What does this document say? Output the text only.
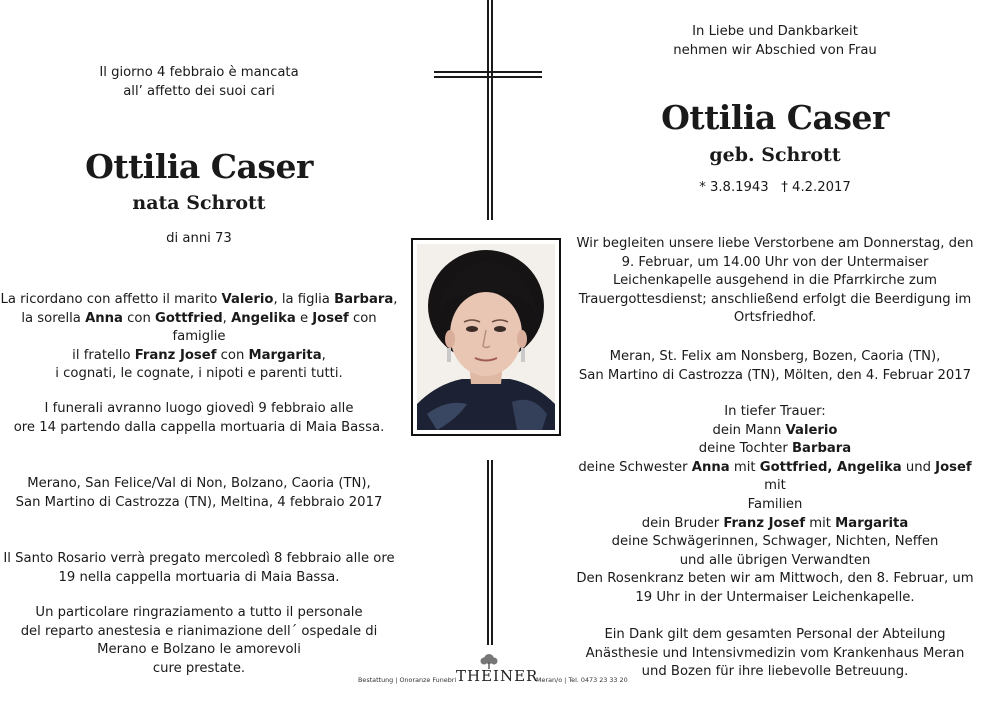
Il giorno 4 febbraio è mancata
all’ affetto dei suoi cari
Ottilia Caser
nata Schrott
di anni 73
La ricordano con affetto il marito Valerio, la figlia Barbara,
la sorella Anna con Gottfried, Angelika e Josef con famiglie
il fratello Franz Josef con Margarita,
i cognati, le cognate, i nipoti e parenti tutti.
I funerali avranno luogo giovedì 9 febbraio alle
ore 14 partendo dalla cappella mortuaria di Maia Bassa.
Merano, San Felice/Val di Non, Bolzano, Caoria (TN),
San Martino di Castrozza (TN), Meltina, 4 febbraio 2017
Il Santo Rosario verrà pregato mercoledì 8 febbraio alle ore
19 nella cappella mortuaria di Maia Bassa.
Un particolare ringraziamento a tutto il personale
del reparto anestesia e rianimazione dell´ ospedale di
Merano e Bolzano le amorevoli
cure prestate.
In Liebe und Dankbarkeit
nehmen wir Abschied von Frau
Ottilia Caser
geb. Schrott
* 3.8.1943   † 4.2.2017
Wir begleiten unsere liebe Verstorbene am Donnerstag, den
9. Februar, um 14.00 Uhr von der Untermaiser
Leichenkapelle ausgehend in die Pfarrkirche zum
Trauergottesdienst; anschließend erfolgt die Beerdigung im
Ortsfriedhof.
Meran, St. Felix am Nonsberg, Bozen, Caoria (TN),
San Martino di Castrozza (TN), Mölten, den 4. Februar 2017
In tiefer Trauer:
dein Mann Valerio
deine Tochter Barbara
deine Schwester Anna mit Gottfried, Angelika und Josef mit
Familien
dein Bruder Franz Josef mit Margarita
deine Schwägerinnen, Schwager, Nichten, Neffen
und alle übrigen Verwandten
Den Rosenkranz beten wir am Mittwoch, den 8. Februar, um
19 Uhr in der Untermaiser Leichenkapelle.
Ein Dank gilt dem gesamten Personal der Abteilung
Anästhesie und Intensivmedizin vom Krankenhaus Meran
und Bozen für ihre liebevolle Betreuung.
Bestattung | Onoranze Funebri THEINER
Meran/o | Tel. 0473 23 33 20
